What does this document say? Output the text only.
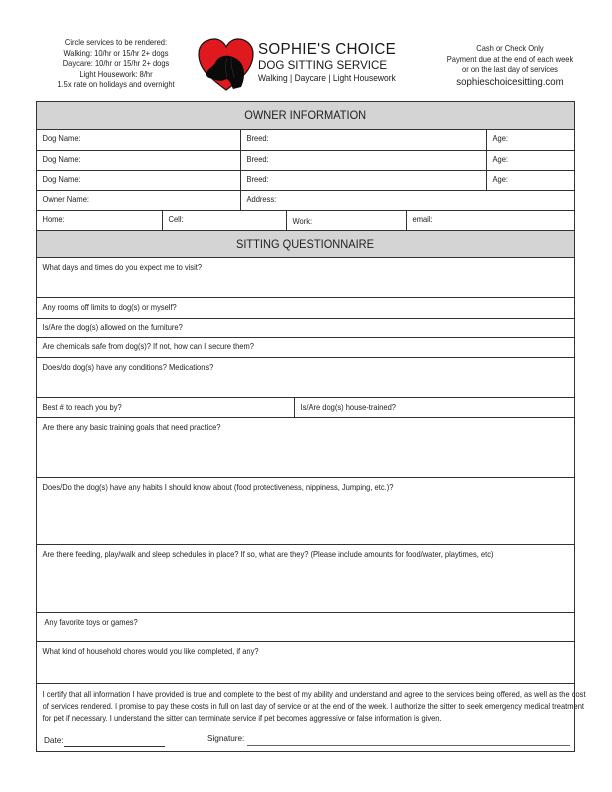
Circle services to be rendered:
Walking: 10/hr or 15/hr 2+ dogs
Daycare: 10/hr or 15/hr 2+ dogs
Light Housework: 8/hr
1.5x rate on holidays and overnight
SOPHIE'S CHOICE
DOG SITTING SERVICE
Walking | Daycare | Light Housework
Cash or Check Only
Payment due at the end of each week
or on the last day of services
sophieschoicesitting.com
OWNER INFORMATION
Dog Name:	Breed:	Age:
Dog Name:	Breed:	Age:
Dog Name:	Breed:	Age:
Owner Name:	Address:
Home:	Cell:	Work:	email:
SITTING QUESTIONNAIRE
What days and times do you expect me to visit?
Any rooms off limits to dog(s) or myself?
Is/Are the dog(s) allowed on the furniture?
Are chemicals safe from dog(s)? If not, how can I secure them?
Does/do dog(s) have any conditions? Medications?
Best # to reach you by?	Is/Are dog(s) house-trained?
Are there any basic training goals that need practice?
Does/Do the dog(s) have any habits I should know about (food protectiveness, nippiness, Jumping, etc.)?
Are there feeding, play/walk and sleep schedules in place? If so, what are they? (Please include amounts for food/water, playtimes, etc)
Any favorite toys or games?
What kind of household chores would you like completed, if any?
I certify that all information I have provided is true and complete to the best of my ability and understand and agree to the services being offered, as well as the cost of services rendered. I promise to pay these costs in full on last day of service or at the end of the week. I authorize the sitter to seek emergency medical treatment for pet if necessary. I understand the sitter can terminate service if pet becomes aggressive or false information is given.
Date:	Signature:
